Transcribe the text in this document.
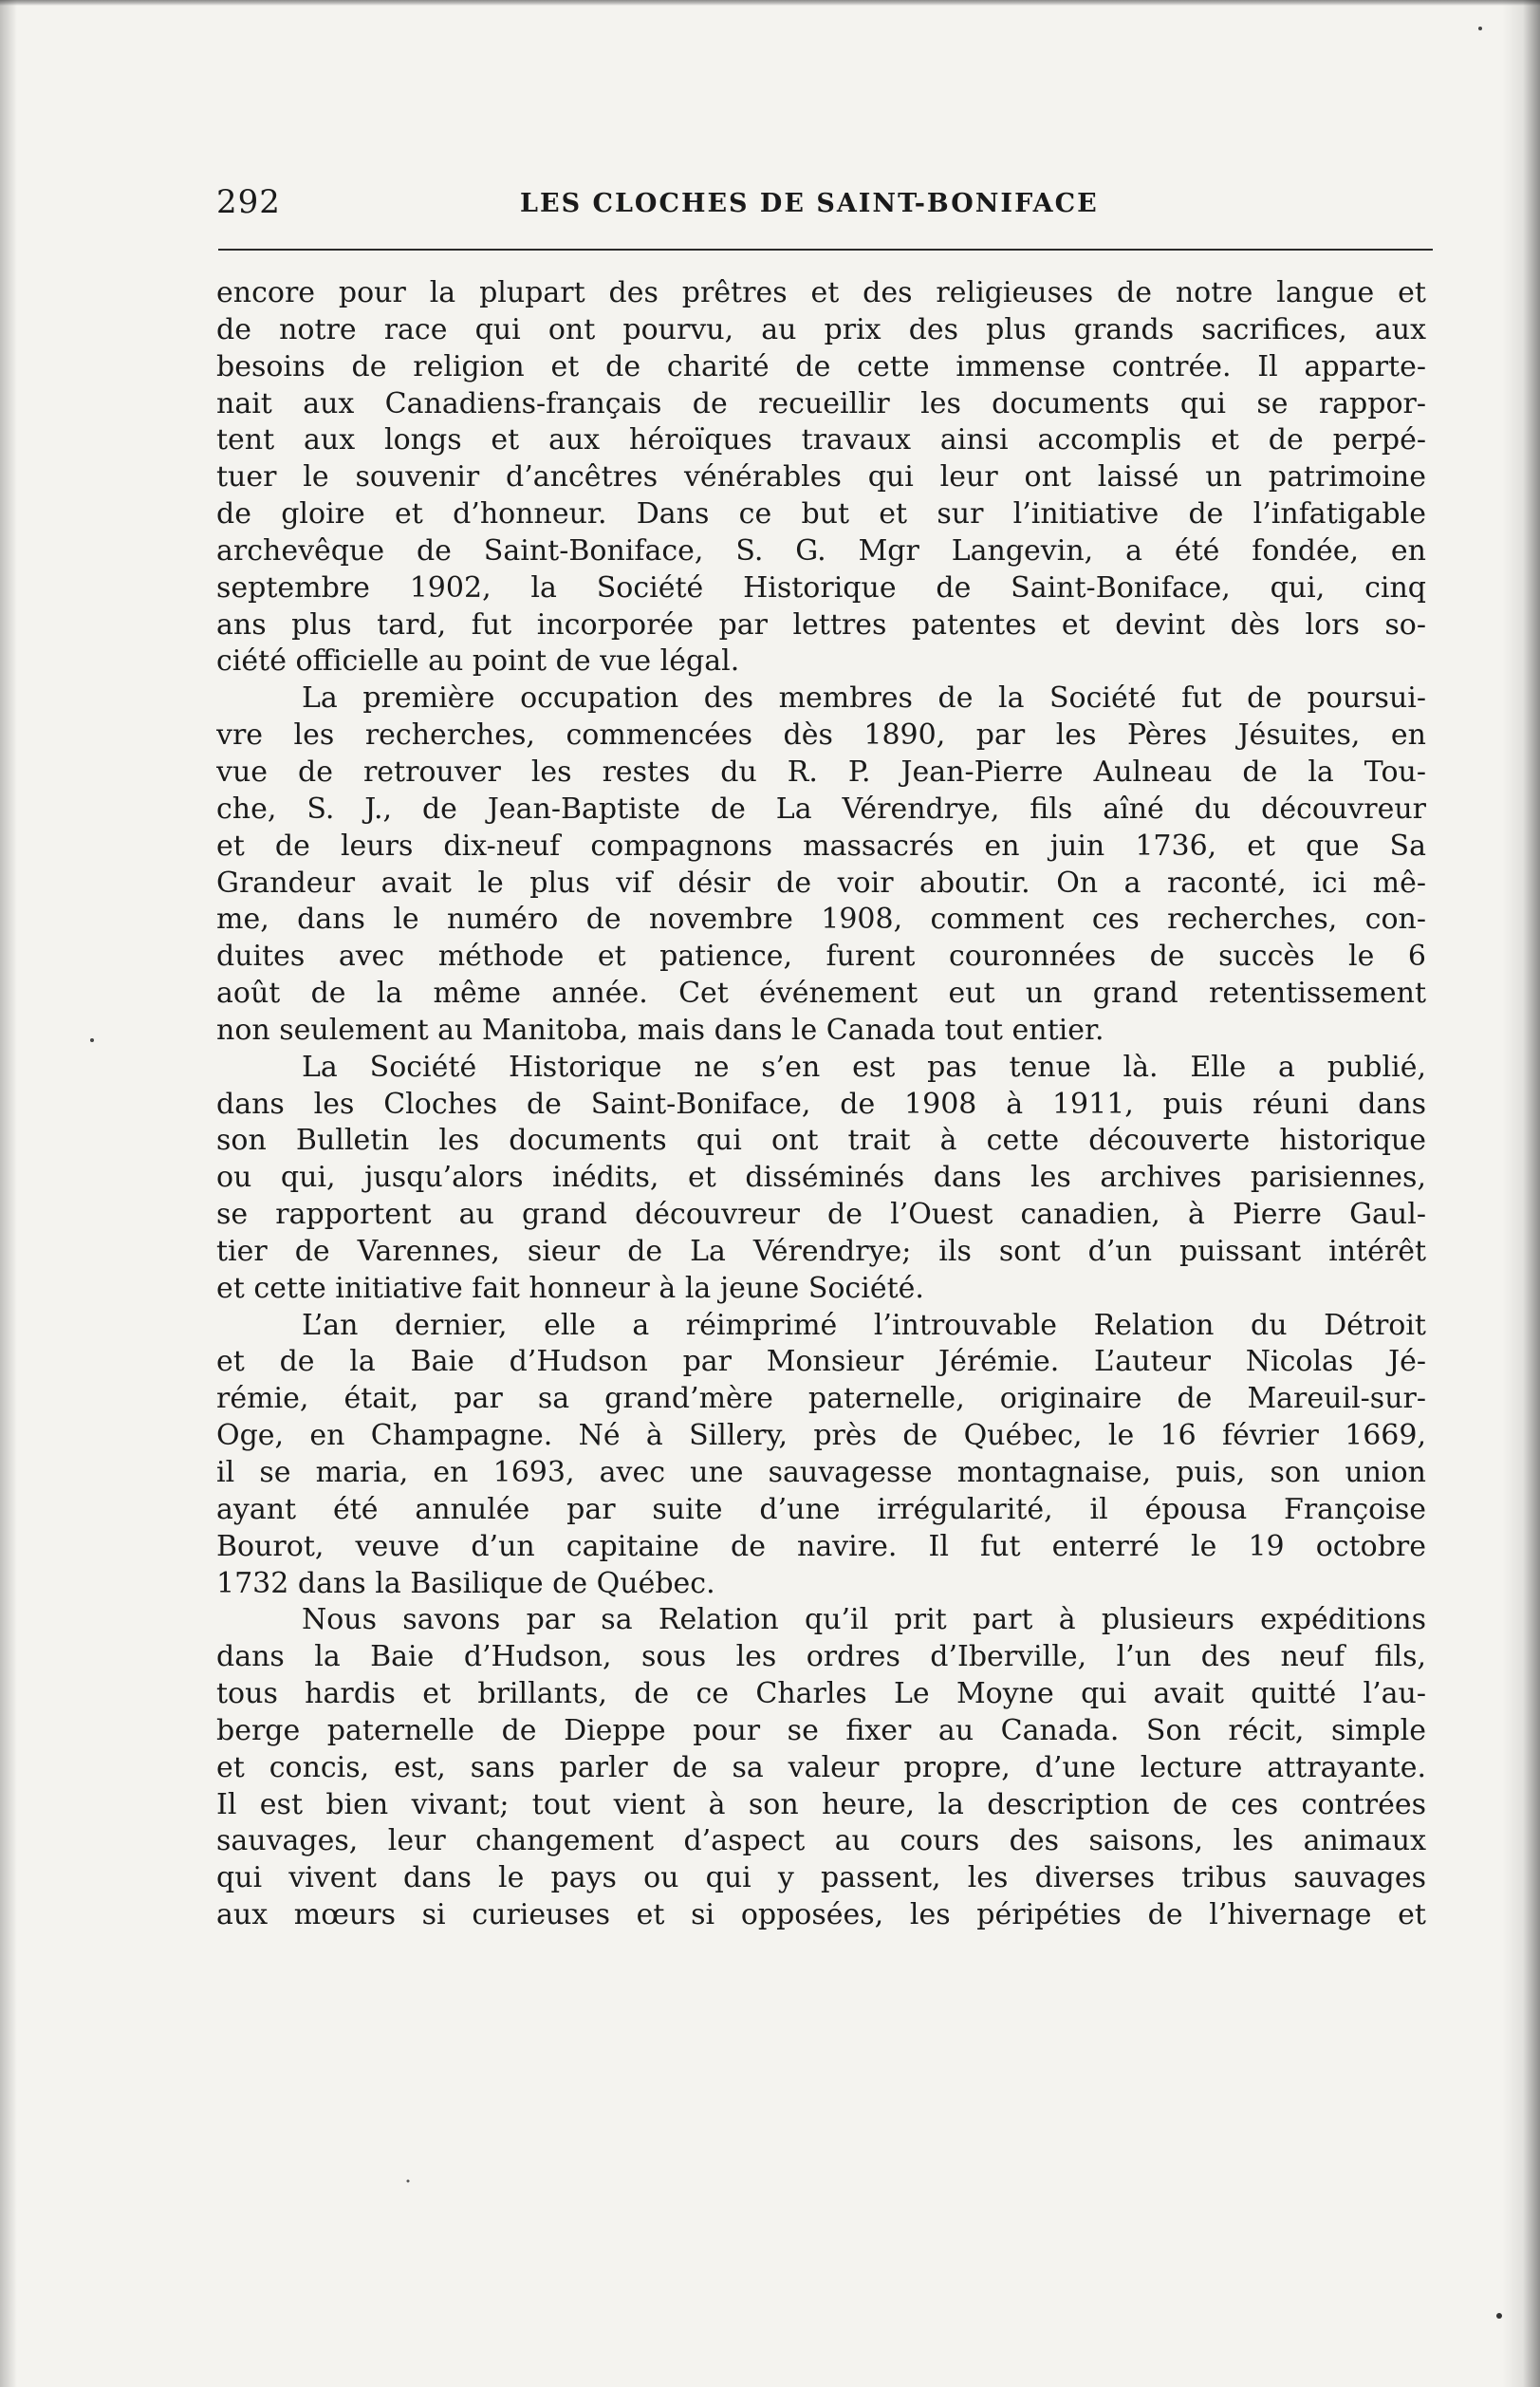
292	LES CLOCHES DE SAINT-BONIFACE
encore pour la plupart des prêtres et des religieuses de notre langue et
de notre race qui ont pourvu, au prix des plus grands sacrifices, aux
besoins de religion et de charité de cette immense contrée. Il apparte-
nait aux Canadiens-français de recueillir les documents qui se rappor-
tent aux longs et aux héroïques travaux ainsi accomplis et de perpé-
tuer le souvenir d’ancêtres vénérables qui leur ont laissé un patrimoine
de gloire et d’honneur. Dans ce but et sur l’initiative de l’infatigable
archevêque de Saint-Boniface, S. G. Mgr Langevin, a été fondée, en
septembre 1902, la Société Historique de Saint-Boniface, qui, cinq
ans plus tard, fut incorporée par lettres patentes et devint dès lors so-
ciété officielle au point de vue légal.
La première occupation des membres de la Société fut de poursui-
vre les recherches, commencées dès 1890, par les Pères Jésuites, en
vue de retrouver les restes du R. P. Jean-Pierre Aulneau de la Tou-
che, S. J., de Jean-Baptiste de La Vérendrye, fils aîné du découvreur
et de leurs dix-neuf compagnons massacrés en juin 1736, et que Sa
Grandeur avait le plus vif désir de voir aboutir. On a raconté, ici mê-
me, dans le numéro de novembre 1908, comment ces recherches, con-
duites avec méthode et patience, furent couronnées de succès le 6
août de la même année. Cet événement eut un grand retentissement
non seulement au Manitoba, mais dans le Canada tout entier.
La Société Historique ne s’en est pas tenue là. Elle a publié,
dans les Cloches de Saint-Boniface, de 1908 à 1911, puis réuni dans
son Bulletin les documents qui ont trait à cette découverte historique
ou qui, jusqu’alors inédits, et disséminés dans les archives parisiennes,
se rapportent au grand découvreur de l’Ouest canadien, à Pierre Gaul-
tier de Varennes, sieur de La Vérendrye; ils sont d’un puissant intérêt
et cette initiative fait honneur à la jeune Société.
L’an dernier, elle a réimprimé l’introuvable Relation du Détroit
et de la Baie d’Hudson par Monsieur Jérémie. L’auteur Nicolas Jé-
rémie, était, par sa grand’mère paternelle, originaire de Mareuil-sur-
Oge, en Champagne. Né à Sillery, près de Québec, le 16 février 1669,
il se maria, en 1693, avec une sauvagesse montagnaise, puis, son union
ayant été annulée par suite d’une irrégularité, il épousa Françoise
Bourot, veuve d’un capitaine de navire. Il fut enterré le 19 octobre
1732 dans la Basilique de Québec.
Nous savons par sa Relation qu’il prit part à plusieurs expéditions
dans la Baie d’Hudson, sous les ordres d’Iberville, l’un des neuf fils,
tous hardis et brillants, de ce Charles Le Moyne qui avait quitté l’au-
berge paternelle de Dieppe pour se fixer au Canada. Son récit, simple
et concis, est, sans parler de sa valeur propre, d’une lecture attrayante.
Il est bien vivant; tout vient à son heure, la description de ces contrées
sauvages, leur changement d’aspect au cours des saisons, les animaux
qui vivent dans le pays ou qui y passent, les diverses tribus sauvages
aux mœurs si curieuses et si opposées, les péripéties de l’hivernage et
